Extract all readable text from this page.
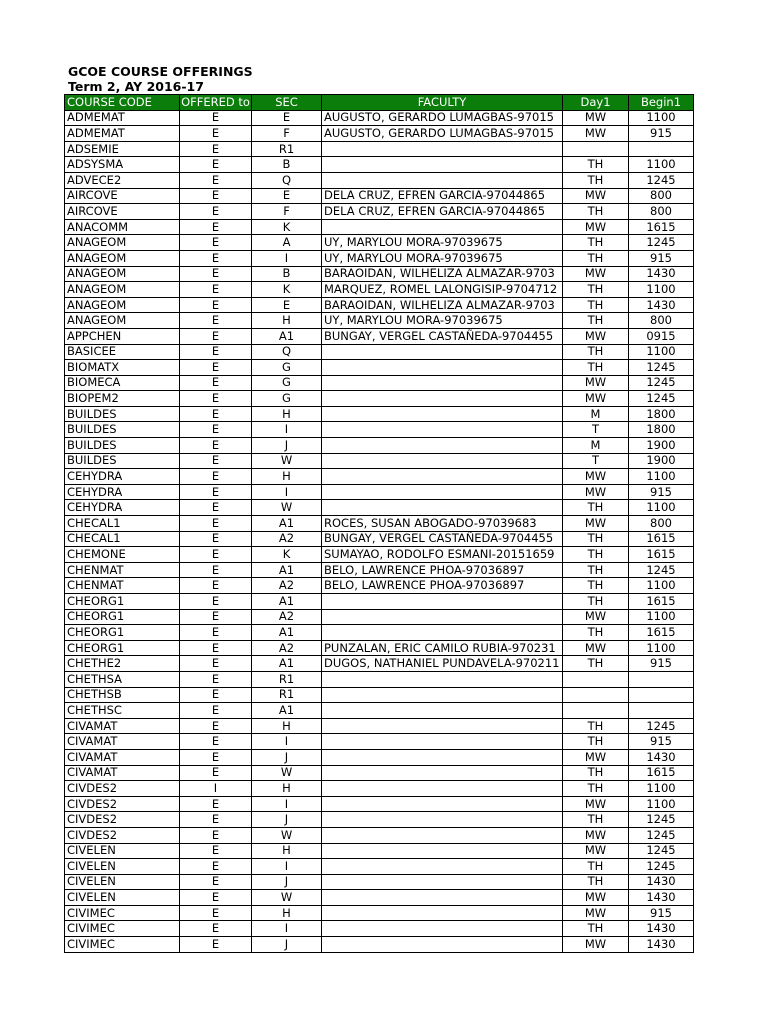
GCOE COURSE OFFERINGS
Term 2, AY 2016-17
COURSE CODE	OFFERED to	SEC	FACULTY	Day1	Begin1
ADMEMAT	E	E	AUGUSTO, GERARDO LUMAGBAS-97015	MW	1100
ADMEMAT	E	F	AUGUSTO, GERARDO LUMAGBAS-97015	MW	915
ADSEMIE	E	R1			
ADSYSMA	E	B		TH	1100
ADVECE2	E	Q		TH	1245
AIRCOVE	E	E	DELA CRUZ, EFREN GARCIA-97044865	MW	800
AIRCOVE	E	F	DELA CRUZ, EFREN GARCIA-97044865	TH	800
ANACOMM	E	K		MW	1615
ANAGEOM	E	A	UY, MARYLOU MORA-97039675	TH	1245
ANAGEOM	E	I	UY, MARYLOU MORA-97039675	TH	915
ANAGEOM	E	B	BARAOIDAN, WILHELIZA ALMAZAR-9703	MW	1430
ANAGEOM	E	K	MARQUEZ, ROMEL LALONGISIP-9704712	TH	1100
ANAGEOM	E	E	BARAOIDAN, WILHELIZA ALMAZAR-9703	TH	1430
ANAGEOM	E	H	UY, MARYLOU MORA-97039675	TH	800
APPCHEN	E	A1	BUNGAY, VERGEL CASTAÑEDA-9704455	MW	0915
BASICEE	E	Q		TH	1100
BIOMATX	E	G		TH	1245
BIOMECA	E	G		MW	1245
BIOPEM2	E	G		MW	1245
BUILDES	E	H		M	1800
BUILDES	E	I		T	1800
BUILDES	E	J		M	1900
BUILDES	E	W		T	1900
CEHYDRA	E	H		MW	1100
CEHYDRA	E	I		MW	915
CEHYDRA	E	W		TH	1100
CHECAL1	E	A1	ROCES, SUSAN ABOGADO-97039683	MW	800
CHECAL1	E	A2	BUNGAY, VERGEL CASTAÑEDA-9704455	TH	1615
CHEMONE	E	K	SUMAYAO, RODOLFO ESMANI-20151659	TH	1615
CHENMAT	E	A1	BELO, LAWRENCE PHOA-97036897	TH	1245
CHENMAT	E	A2	BELO, LAWRENCE PHOA-97036897	TH	1100
CHEORG1	E	A1		TH	1615
CHEORG1	E	A2		MW	1100
CHEORG1	E	A1		TH	1615
CHEORG1	E	A2	PUNZALAN, ERIC CAMILO RUBIA-970231	MW	1100
CHETHE2	E	A1	DUGOS, NATHANIEL PUNDAVELA-970211	TH	915
CHETHSA	E	R1			
CHETHSB	E	R1			
CHETHSC	E	A1			
CIVAMAT	E	H		TH	1245
CIVAMAT	E	I		TH	915
CIVAMAT	E	J		MW	1430
CIVAMAT	E	W		TH	1615
CIVDES2	I	H		TH	1100
CIVDES2	E	I		MW	1100
CIVDES2	E	J		TH	1245
CIVDES2	E	W		MW	1245
CIVELEN	E	H		MW	1245
CIVELEN	E	I		TH	1245
CIVELEN	E	J		TH	1430
CIVELEN	E	W		MW	1430
CIVIMEC	E	H		MW	915
CIVIMEC	E	I		TH	1430
CIVIMEC	E	J		MW	1430
